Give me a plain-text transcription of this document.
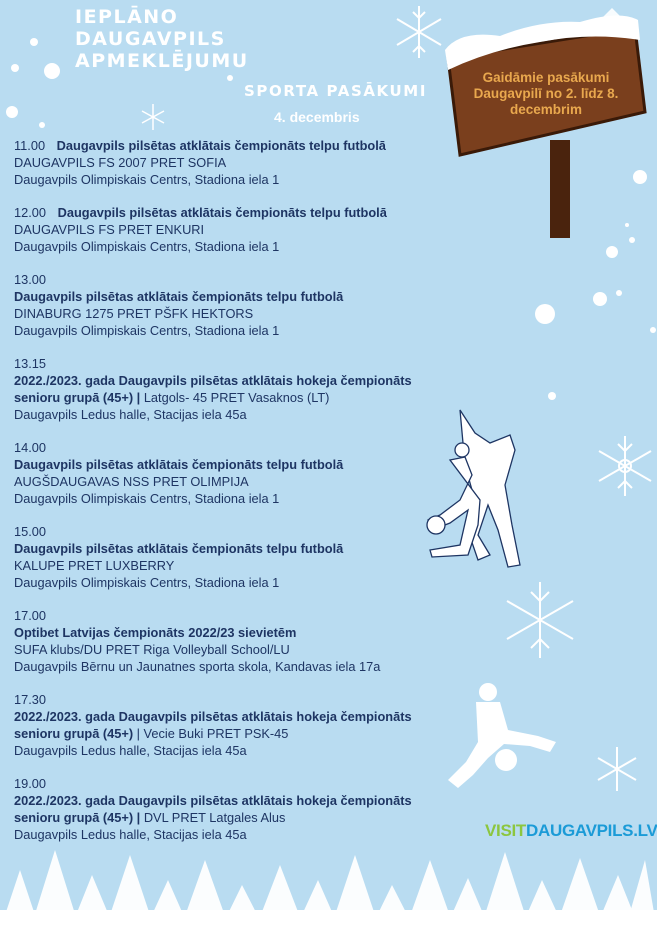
Gaidāmie pasākumi Daugavpilī no 2. līdz 8. decembrim
IEPLĀNO
DAUGAVPILS
APMEKLĒJUMU
SPORTA PASĀKUMI
4. decembris
11.00 Daugavpils pilsētas atklātais čempionāts telpu futbolā
DAUGAVPILS FS 2007 PRET SOFIA
Daugavpils Olimpiskais Centrs, Stadiona iela 1
12.00 Daugavpils pilsētas atklātais čempionāts telpu futbolā
DAUGAVPILS FS PRET ENKURI
Daugavpils Olimpiskais Centrs, Stadiona iela 1
13.00
Daugavpils pilsētas atklātais čempionāts telpu futbolā
DINABURG 1275 PRET PŠFK HEKTORS
Daugavpils Olimpiskais Centrs, Stadiona iela 1
13.15
2022./2023. gada Daugavpils pilsētas atklātais hokeja čempionāts
senioru grupā (45+) | Latgols- 45 PRET Vasaknos (LT)
Daugavpils Ledus halle, Stacijas iela 45a
14.00
Daugavpils pilsētas atklātais čempionāts telpu futbolā
AUGŠDAUGAVAS NSS PRET OLIMPIJA
Daugavpils Olimpiskais Centrs, Stadiona iela 1
15.00
Daugavpils pilsētas atklātais čempionāts telpu futbolā
KALUPE PRET LUXBERRY
Daugavpils Olimpiskais Centrs, Stadiona iela 1
17.00
Optibet Latvijas čempionāts 2022/23 sievietēm
SUFA klubs/DU PRET Riga Volleyball School/LU
Daugavpils Bērnu un Jaunatnes sporta skola, Kandavas iela 17a
17.30
2022./2023. gada Daugavpils pilsētas atklātais hokeja čempionāts
senioru grupā (45+) | Vecie Buki PRET PSK-45
Daugavpils Ledus halle, Stacijas iela 45a
19.00
2022./2023. gada Daugavpils pilsētas atklātais hokeja čempionāts
senioru grupā (45+) | DVL PRET Latgales Alus
Daugavpils Ledus halle, Stacijas iela 45a	VISITDAUGAVPILS.LV
